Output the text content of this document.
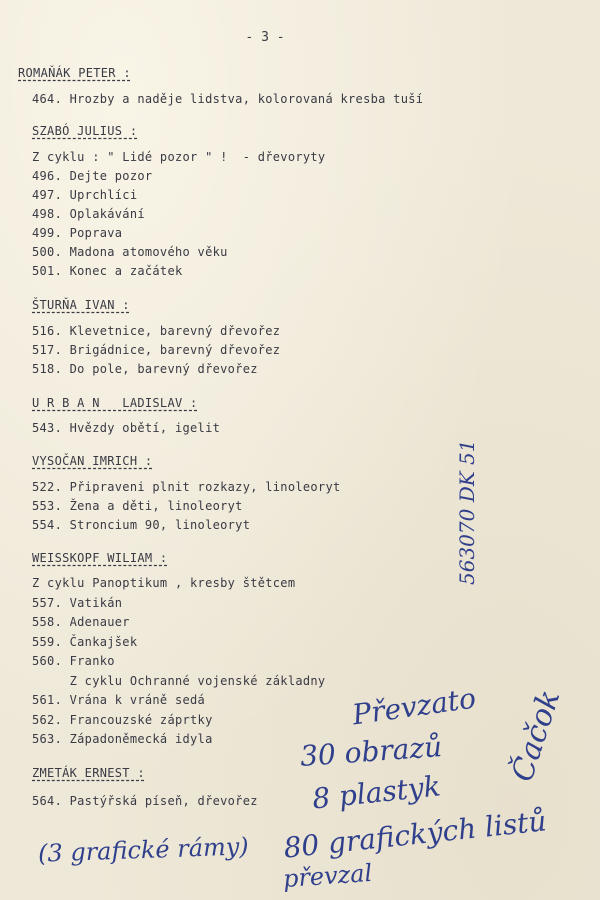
- 3 -
ROMAŇÁK PETER :
464. Hrozby a naděje lidstva, kolorovaná kresba tuší
SZABÓ JULIUS :
Z cyklu : " Lidé pozor " !  - dřevoryty
496. Dejte pozor
497. Uprchlíci
498. Oplakávání
499. Poprava
500. Madona atomového věku
501. Konec a začátek
ŠTURŇA IVAN :
516. Klevetnice, barevný dřevořez
517. Brigádnice, barevný dřevořez
518. Do pole, barevný dřevořez
U R B A N   LADISLAV :
543. Hvězdy obětí, igelit
VYSOČAN IMRICH :
522. Připraveni plnit rozkazy, linoleoryt
553. Žena a děti, linoleoryt
554. Stroncium 90, linoleoryt
WEISSKOPF WILIAM :
Z cyklu Panoptikum , kresby štětcem
557. Vatikán
558. Adenauer
559. Čankajšek
560. Franko
Z cyklu Ochranné vojenské základny
561. Vrána k vráně sedá
562. Francouzské záprtky
563. Západoněmecká idyla
ZMETÁK ERNEST :
564. Pastýřská píseň, dřevořez
563070 DK 51
Čačok
Převzato
30 obrazů
8 plastyk
80 grafických listů
převzal
(3 grafické rámy)
